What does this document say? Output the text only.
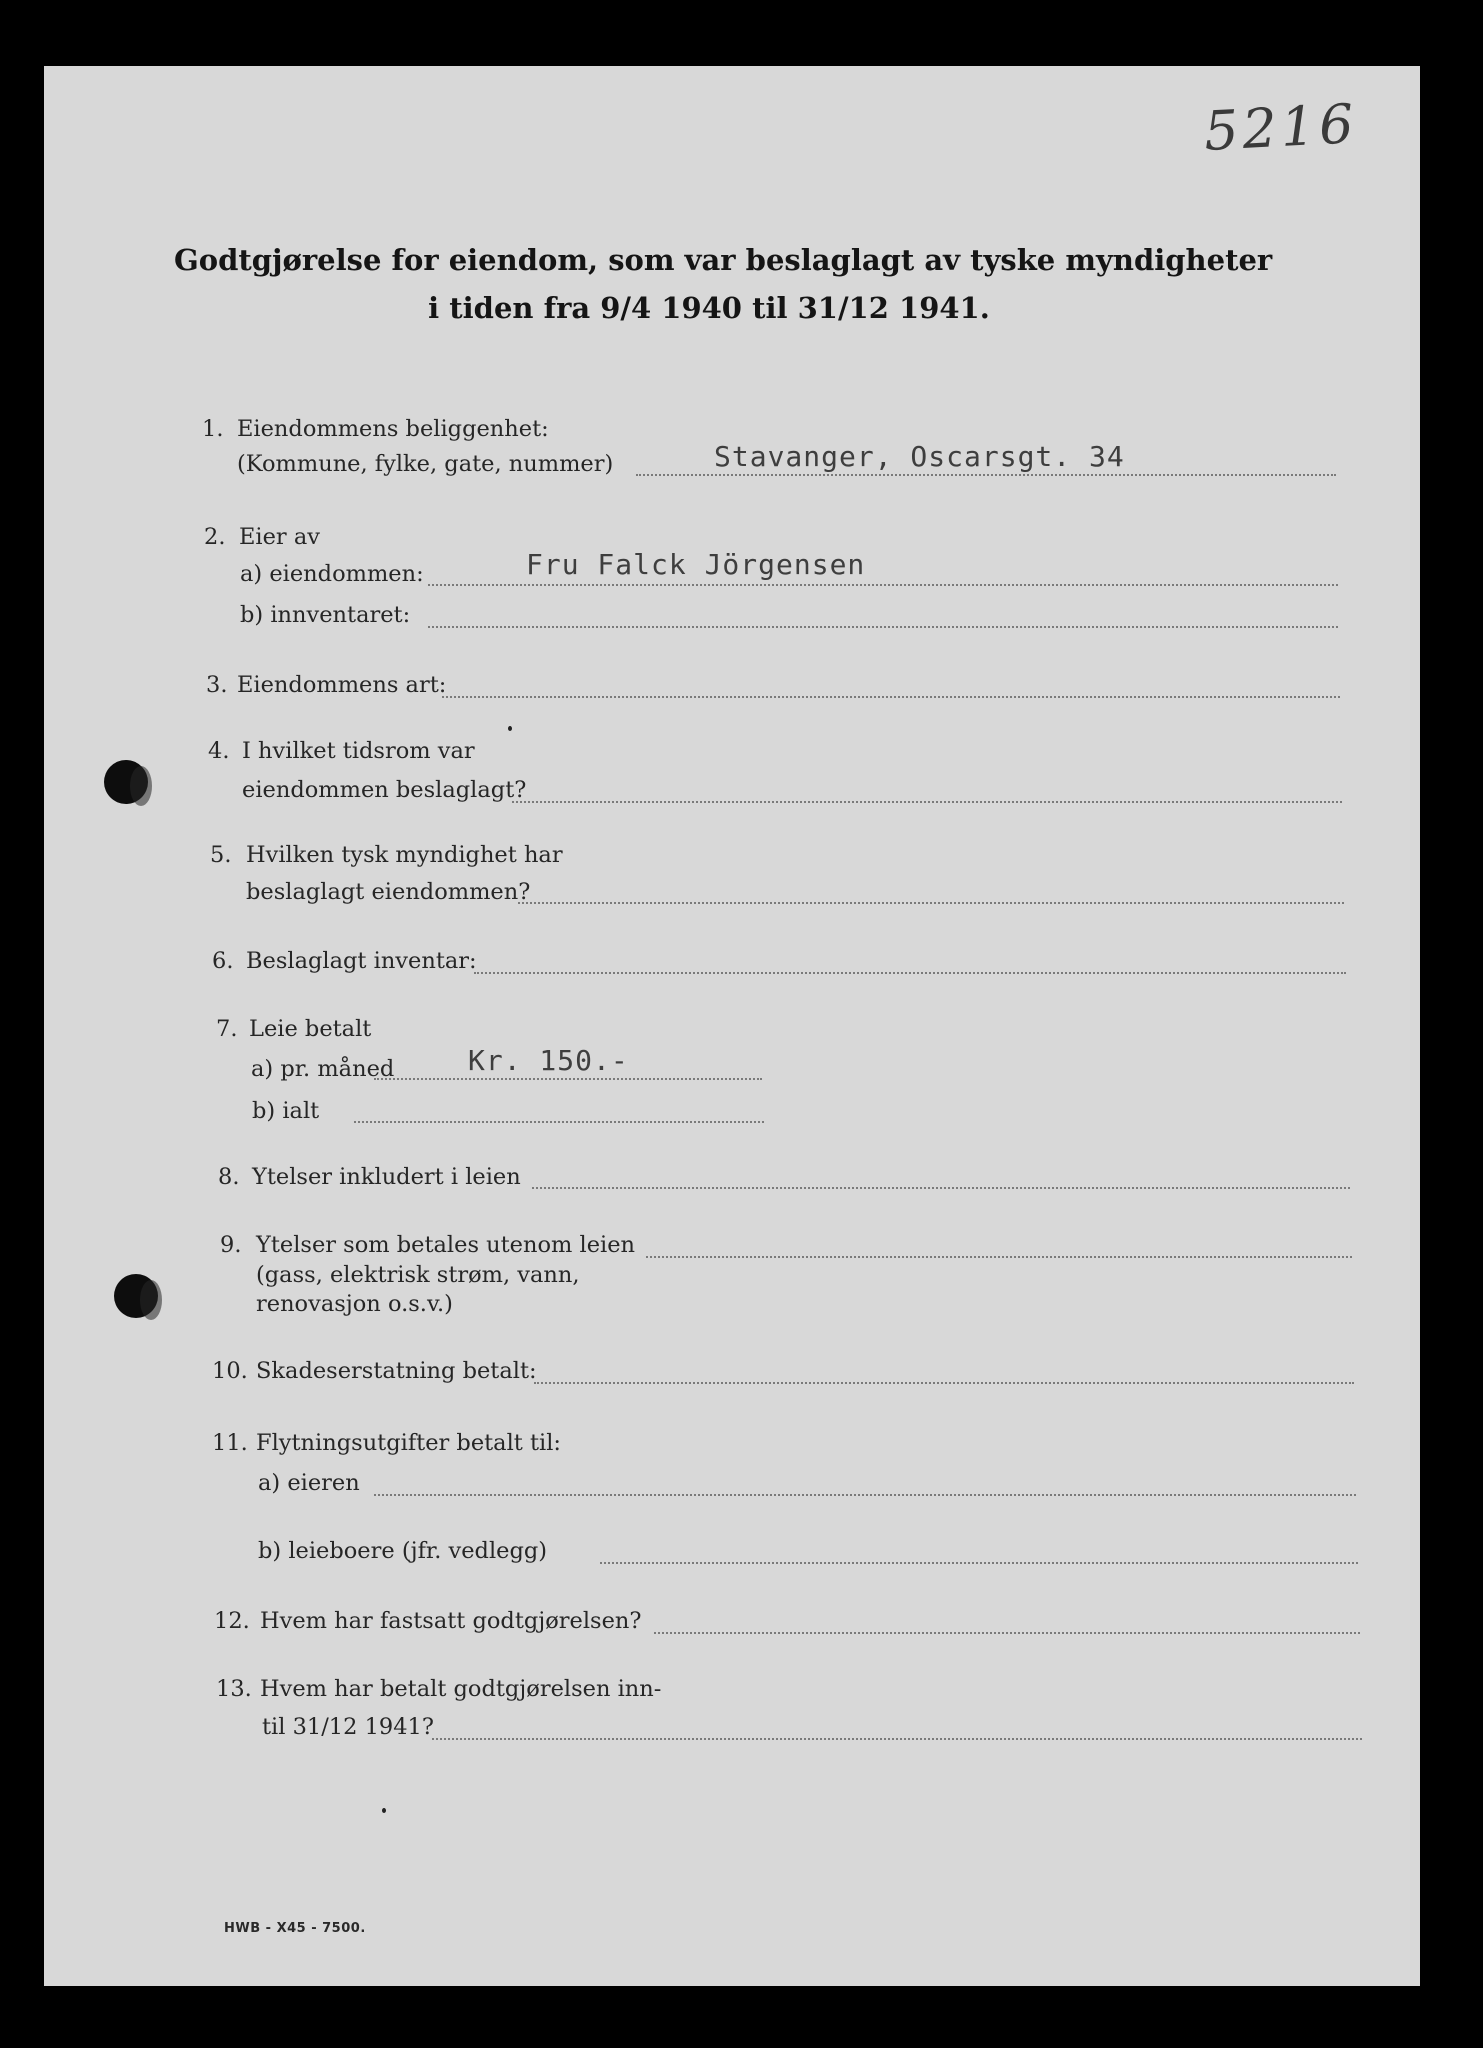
5216
Godtgjørelse for eiendom, som var beslaglagt av tyske myndigheter
i tiden fra 9/4 1940 til 31/12 1941.
1. Eiendommens beliggenhet:
(Kommune, fylke, gate, nummer)	Stavanger, Oscarsgt. 34
2. Eier av
a) eiendommen:	Fru Falck Jörgensen
b) innventaret:
3. Eiendommens art:
4. I hvilket tidsrom var
eiendommen beslaglagt?
5. Hvilken tysk myndighet har
beslaglagt eiendommen?
6. Beslaglagt inventar:
7. Leie betalt
a) pr. måned	Kr. 150.-
b) ialt
8. Ytelser inkludert i leien
9. Ytelser som betales utenom leien
(gass, elektrisk strøm, vann,
renovasjon o.s.v.)
10. Skadeserstatning betalt:
11. Flytningsutgifter betalt til:
a) eieren
b) leieboere (jfr. vedlegg)
12. Hvem har fastsatt godtgjørelsen?
13. Hvem har betalt godtgjørelsen inn-
til 31/12 1941?
HWB - X45 - 7500.
